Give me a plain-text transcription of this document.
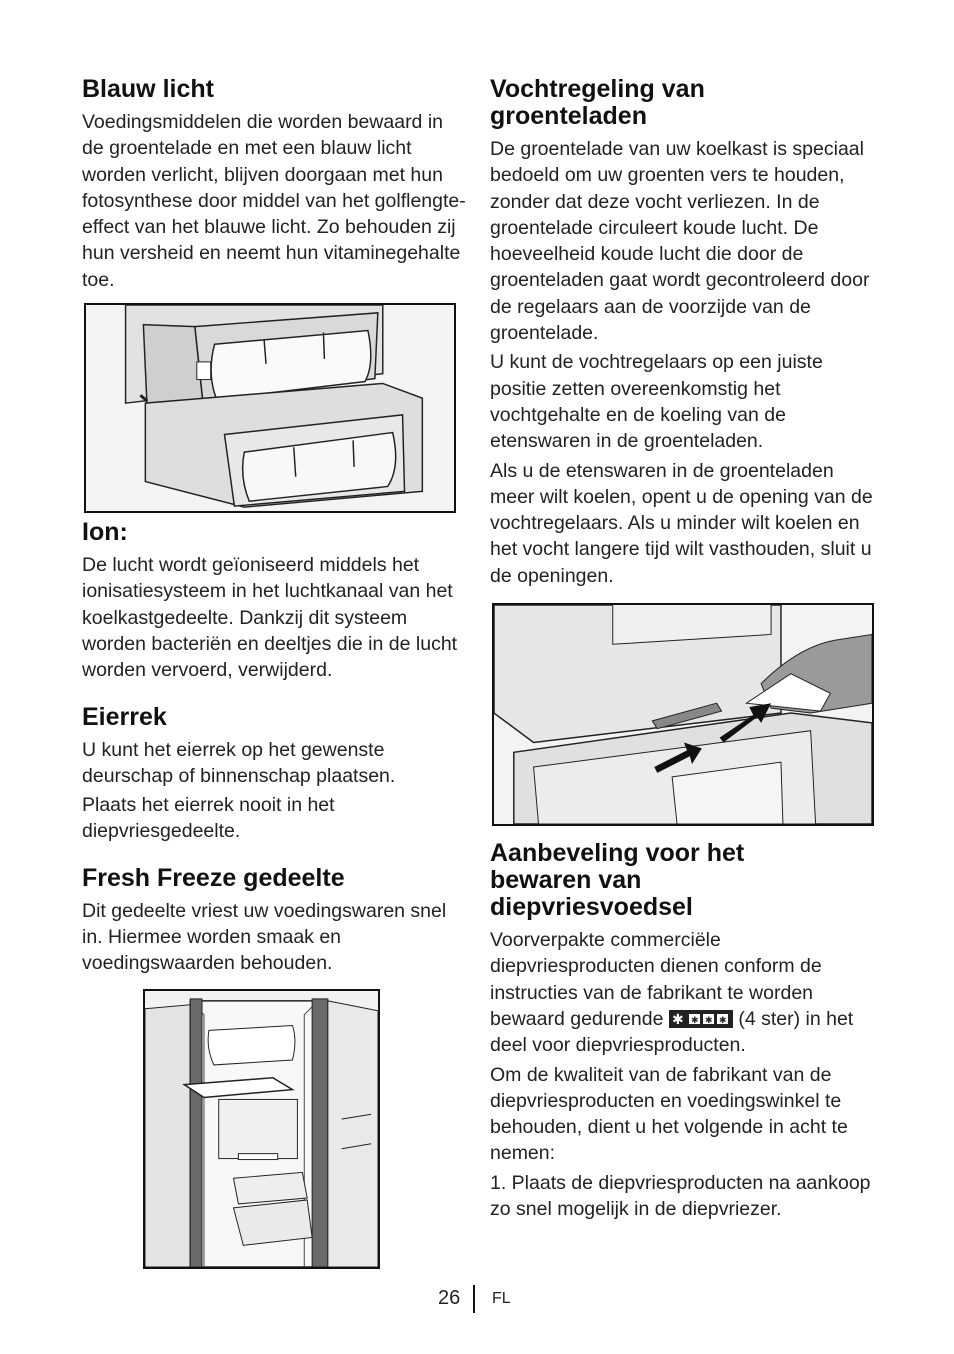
Blauw licht

Voedingsmiddelen die worden bewaard in de groentelade en met een blauw licht worden verlicht, blijven doorgaan met hun fotosynthese door middel van het golflengte-effect van het blauwe licht. Zo behouden zij hun versheid en neemt hun vitaminegehalte toe.

Ion:

De lucht wordt geïoniseerd middels het ionisatiesysteem in het luchtkanaal van het koelkastgedeelte. Dankzij dit systeem worden bacteriën en deeltjes die in de lucht worden vervoerd, verwijderd.

Eierrek

U kunt het eierrek op het gewenste deurschap of binnenschap plaatsen.

Plaats het eierrek nooit in het diepvriesgedeelte.

Fresh Freeze gedeelte

Dit gedeelte vriest uw voedingswaren snel in. Hiermee worden smaak en voedingswaarden behouden.

Vochtregeling van groenteladen

De groentelade van uw koelkast is speciaal bedoeld om uw groenten vers te houden, zonder dat deze vocht verliezen. In de groentelade circuleert koude lucht. De hoeveelheid koude lucht die door de groenteladen gaat wordt gecontroleerd door de regelaars aan de voorzijde van de groentelade.

U kunt de vochtregelaars op een juiste positie zetten overeenkomstig het vochtgehalte en de koeling van de etenswaren in de groenteladen.

Als u de etenswaren in de groenteladen meer wilt koelen, opent u de opening van de vochtregelaars. Als u minder wilt koelen en het vocht langere tijd wilt vasthouden, sluit u de openingen.

Aanbeveling voor het bewaren van diepvriesvoedsel

Voorverpakte commerciële diepvriesproducten dienen conform de instructies van de fabrikant te worden bewaard gedurende ✱ ✱ ✱ ✱ (4 ster) in het deel voor diepvriesproducten.

Om de kwaliteit van de fabrikant van de diepvriesproducten en voedingswinkel te behouden, dient u het volgende in acht te nemen:

1. Plaats de diepvriesproducten na aankoop zo snel mogelijk in de diepvriezer.

26 FL
